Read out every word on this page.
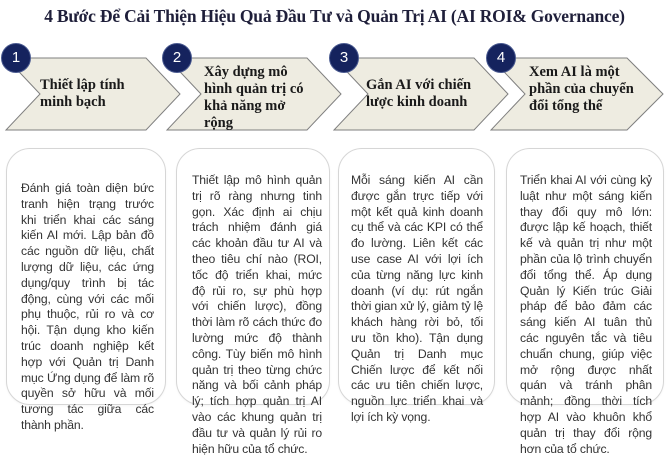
4 Bước Để Cải Thiện Hiệu Quả Đầu Tư và Quản Trị AI (AI ROI& Governance)
Thiết lập tính minh bạch
1
Xây dựng mô hình quản trị có khả năng mở rộng
2
Gắn AI với chiến lược kinh doanh
3
Xem AI là một phần của chuyển đổi tổng thể
4
Đánh giá toàn diện bức tranh hiện trạng trước khi triển khai các sáng kiến AI mới. Lập bản đồ các nguồn dữ liệu, chất lượng dữ liệu, các ứng dụng/quy trình bị tác động, cùng với các mối phụ thuộc, rủi ro và cơ hội. Tận dụng kho kiến trúc doanh nghiệp kết hợp với Quản trị Danh mục Ứng dụng để làm rõ quyền sở hữu và mối tương tác giữa các thành phần.
Thiết lập mô hình quản trị rõ ràng nhưng tinh gọn. Xác định ai chịu trách nhiệm đánh giá các khoản đầu tư AI và theo tiêu chí nào (ROI, tốc độ triển khai, mức độ rủi ro, sự phù hợp với chiến lược), đồng thời làm rõ cách thức đo lường mức độ thành công. Tùy biến mô hình quản trị theo từng chức năng và bối cảnh pháp lý; tích hợp quản trị AI vào các khung quản trị đầu tư và quản lý rủi ro hiện hữu của tổ chức.
Mỗi sáng kiến AI cần được gắn trực tiếp với một kết quả kinh doanh cụ thể và các KPI có thể đo lường. Liên kết các use case AI với lợi ích của từng năng lực kinh doanh (ví dụ: rút ngắn thời gian xử lý, giảm tỷ lệ khách hàng rời bỏ, tối ưu tồn kho). Tận dụng Quản trị Danh mục Chiến lược để kết nối các ưu tiên chiến lược, nguồn lực triển khai và lợi ích kỳ vọng.
Triển khai AI với cùng kỷ luật như một sáng kiến thay đổi quy mô lớn: được lập kế hoạch, thiết kế và quản trị như một phần của lộ trình chuyển đổi tổng thể. Áp dụng Quản lý Kiến trúc Giải pháp để bảo đảm các sáng kiến AI tuân thủ các nguyên tắc và tiêu chuẩn chung, giúp việc mở rộng được nhất quán và tránh phân mảnh; đồng thời tích hợp AI vào khuôn khổ quản trị thay đổi rộng hơn của tổ chức.
